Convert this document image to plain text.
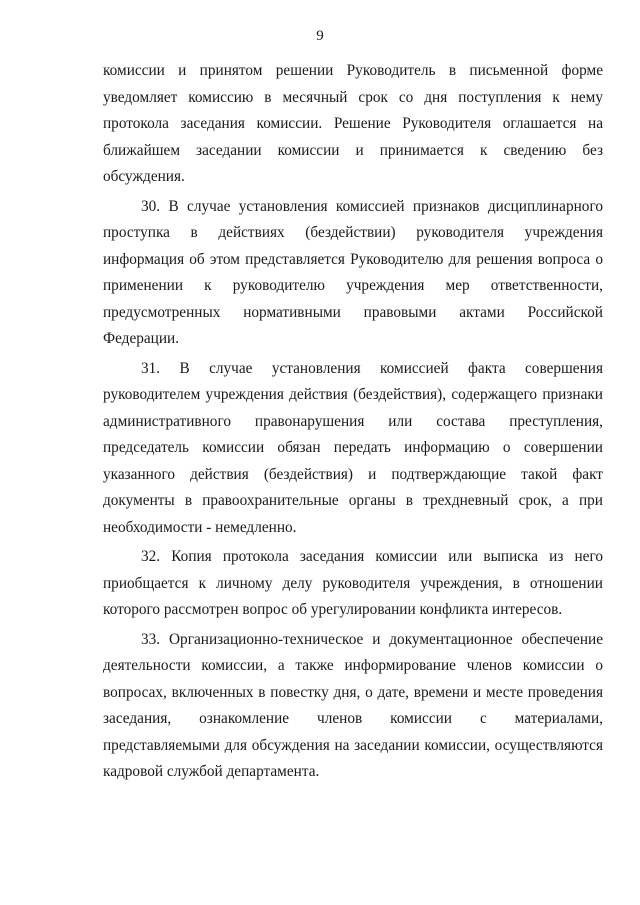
9

комиссии и принятом решении Руководитель в письменной форме уведомляет комиссию в месячный срок со дня поступления к нему протокола заседания комиссии. Решение Руководителя оглашается на ближайшем заседании комиссии и принимается к сведению без обсуждения.

30. В случае установления комиссией признаков дисциплинарного проступка в действиях (бездействии) руководителя учреждения информация об этом представляется Руководителю для решения вопроса о применении к руководителю учреждения мер ответственности, предусмотренных нормативными правовыми актами Российской Федерации.

31. В случае установления комиссией факта совершения руководителем учреждения действия (бездействия), содержащего признаки административного правонарушения или состава преступления, председатель комиссии обязан передать информацию о совершении указанного действия (бездействия) и подтверждающие такой факт документы в правоохранительные органы в трехдневный срок, а при необходимости - немедленно.

32. Копия протокола заседания комиссии или выписка из него приобщается к личному делу руководителя учреждения, в отношении которого рассмотрен вопрос об урегулировании конфликта интересов.

33. Организационно-техническое и документационное обеспечение деятельности комиссии, а также информирование членов комиссии о вопросах, включенных в повестку дня, о дате, времени и месте проведения заседания, ознакомление членов комиссии с материалами, представляемыми для обсуждения на заседании комиссии, осуществляются кадровой службой департамента.
